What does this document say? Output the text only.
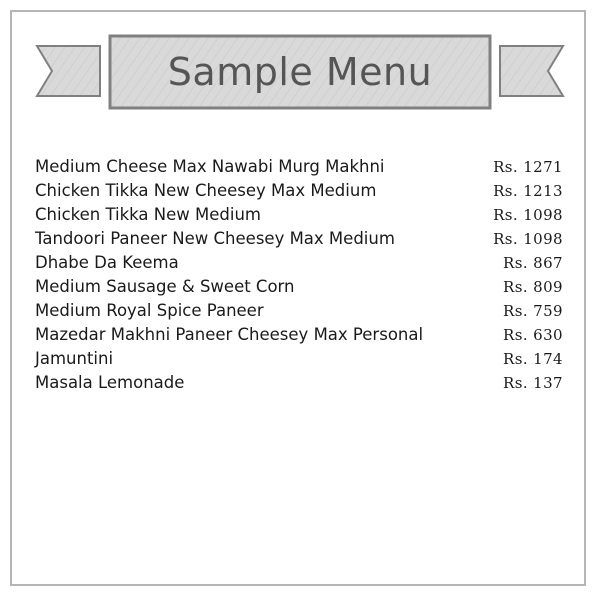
Sample Menu
Medium Cheese Max Nawabi Murg Makhni	Rs. 1271
Chicken Tikka New Cheesey Max Medium	Rs. 1213
Chicken Tikka New Medium	Rs. 1098
Tandoori Paneer New Cheesey Max Medium	Rs. 1098
Dhabe Da Keema	Rs. 867
Medium Sausage & Sweet Corn	Rs. 809
Medium Royal Spice Paneer	Rs. 759
Mazedar Makhni Paneer Cheesey Max Personal	Rs. 630
Jamuntini	Rs. 174
Masala Lemonade	Rs. 137
